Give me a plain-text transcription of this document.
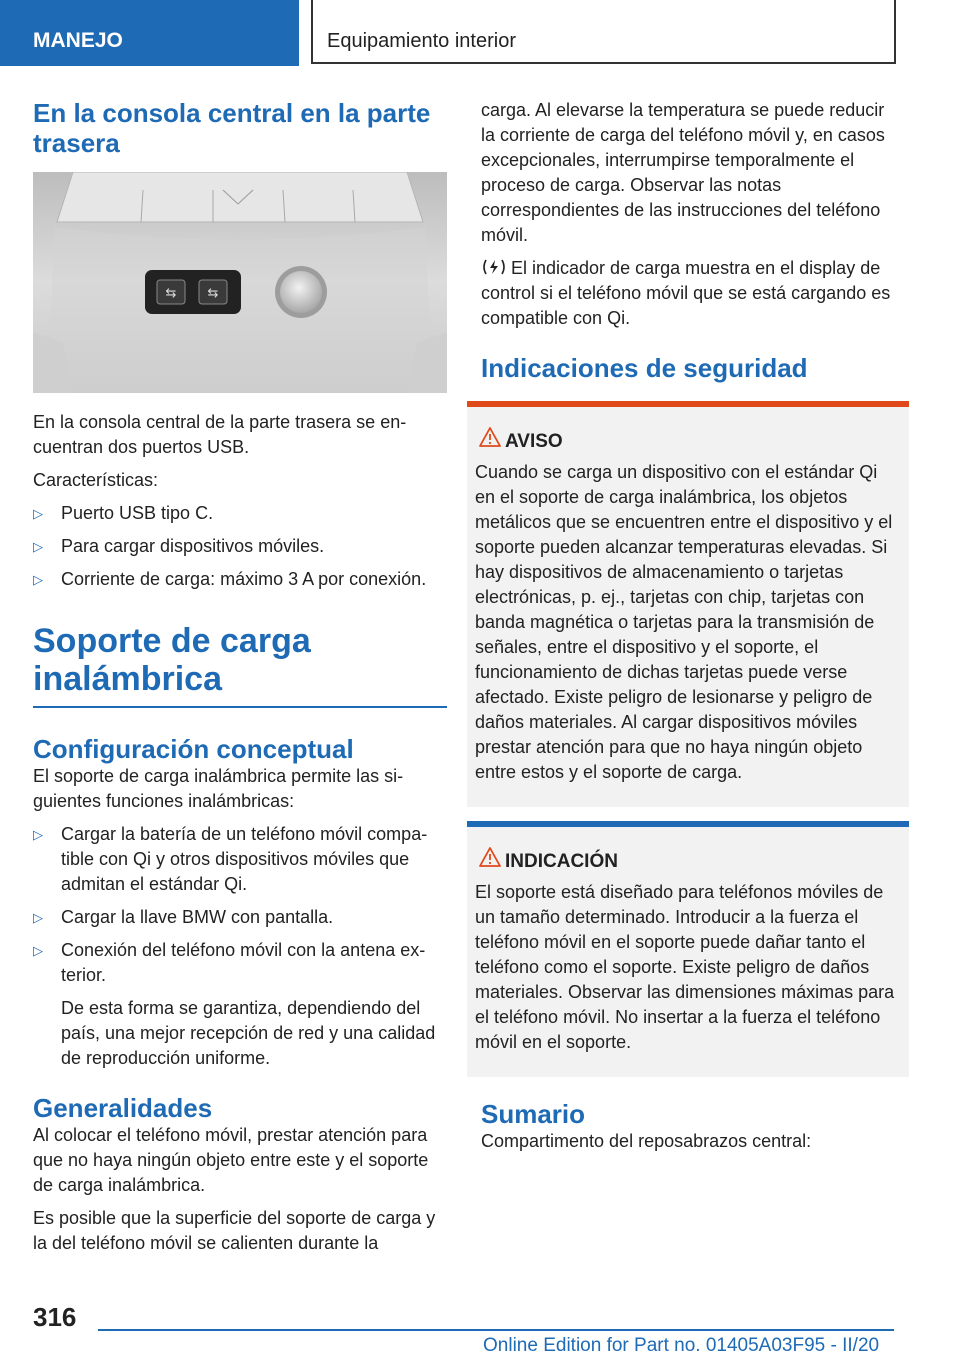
MANEJO	Equipamiento interior
En la consola central en la parte trasera
⇆ ⇆

En la consola central de la parte trasera se encuentran dos puertos USB.

Características:

▷ Puerto USB tipo C.
▷ Para cargar dispositivos móviles.
▷ Corriente de carga: máximo 3 A por conexión.
Soporte de carga inalámbrica
Configuración conceptual

El soporte de carga inalámbrica permite las siguientes funciones inalámbricas:

▷ Cargar la batería de un teléfono móvil compatible con Qi y otros dispositivos móviles que admitan el estándar Qi.
▷ Cargar la llave BMW con pantalla.
▷ Conexión del teléfono móvil con la antena exterior.

De esta forma se garantiza, dependiendo del país, una mejor recepción de red y una calidad de reproducción uniforme.

Generalidades

Al colocar el teléfono móvil, prestar atención para que no haya ningún objeto entre este y el soporte de carga inalámbrica.

Es posible que la superficie del soporte de carga y la del teléfono móvil se calienten durante la

carga. Al elevarse la temperatura se puede reducir la corriente de carga del teléfono móvil y, en casos excepcionales, interrumpirse temporalmente el proceso de carga. Observar las notas correspondientes de las instrucciones del teléfono móvil.

El indicador de carga muestra en el display de control si el teléfono móvil que se está cargando es compatible con Qi.

Indicaciones de seguridad
AVISO
Cuando se carga un dispositivo con el estándar Qi en el soporte de carga inalámbrica, los objetos metálicos que se encuentren entre el dispositivo y el soporte pueden alcanzar temperaturas elevadas. Si hay dispositivos de almacenamiento o tarjetas electrónicas, p. ej., tarjetas con chip, tarjetas con banda magnética o tarjetas para la transmisión de señales, entre el dispositivo y el soporte, el funcionamiento de dichas tarjetas puede verse afectado. Existe peligro de lesionarse y peligro de daños materiales. Al cargar dispositivos móviles prestar atención para que no haya ningún objeto entre estos y el soporte de carga.
INDICACIÓN
El soporte está diseñado para teléfonos móviles de un tamaño determinado. Introducir a la fuerza el teléfono móvil en el soporte puede dañar tanto el teléfono como el soporte. Existe peligro de daños materiales. Observar las dimensiones máximas para el teléfono móvil. No insertar a la fuerza el teléfono móvil en el soporte.
Sumario

Compartimento del reposabrazos central:

316
Online Edition for Part no. 01405A03F95 - II/20
